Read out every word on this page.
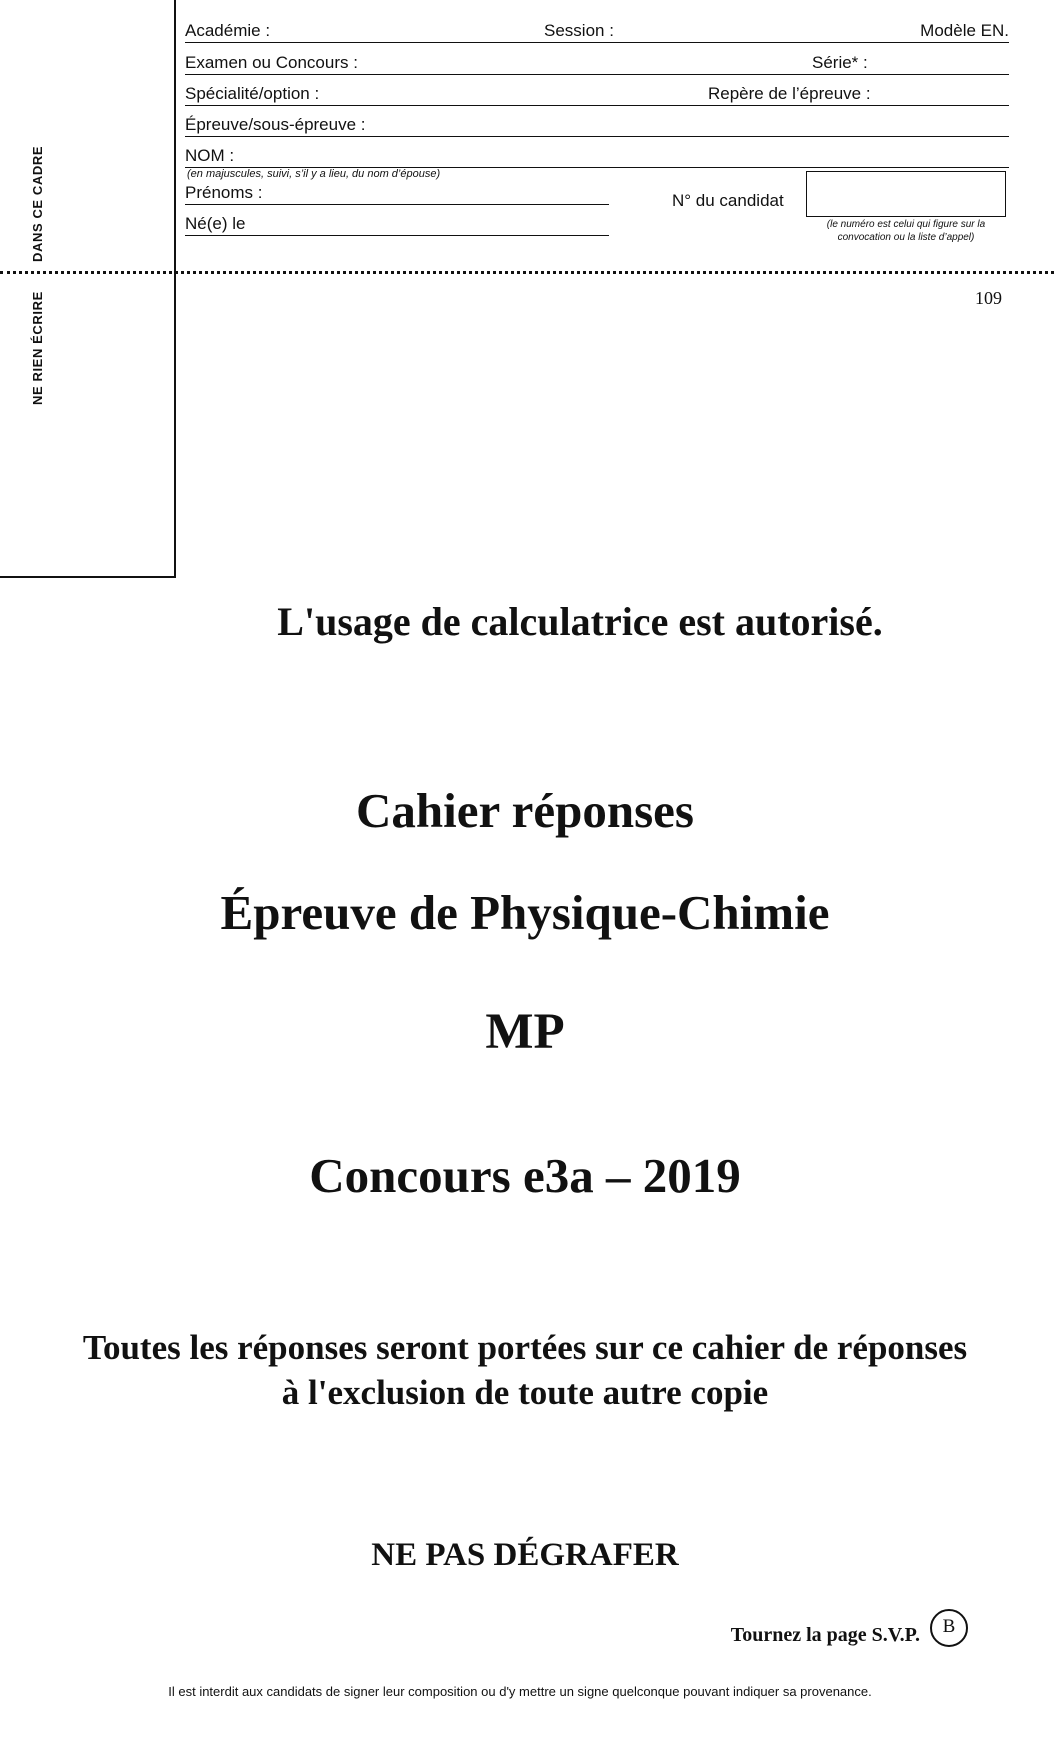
DANS CE CADRE
NE RIEN ÉCRIRE
Académie :	Session :	Modèle EN.
Examen ou Concours :	Série* :
Spécialité/option :	Repère de l’épreuve :
Épreuve/sous-épreuve :
NOM :
(en majuscules, suivi, s’il y a lieu, du nom d’épouse)
Prénoms :
Né(e) le
N° du candidat
(le numéro est celui qui figure sur la convocation ou la liste d’appel)
109
L'usage de calculatrice est autorisé.
Cahier réponses
Épreuve de Physique-Chimie
MP
Concours e3a – 2019
Toutes les réponses seront portées sur ce cahier de réponses à l'exclusion de toute autre copie
NE PAS DÉGRAFER
Tournez la page S.V.P.	B
Il est interdit aux candidats de signer leur composition ou d'y mettre un signe quelconque pouvant indiquer sa provenance.
